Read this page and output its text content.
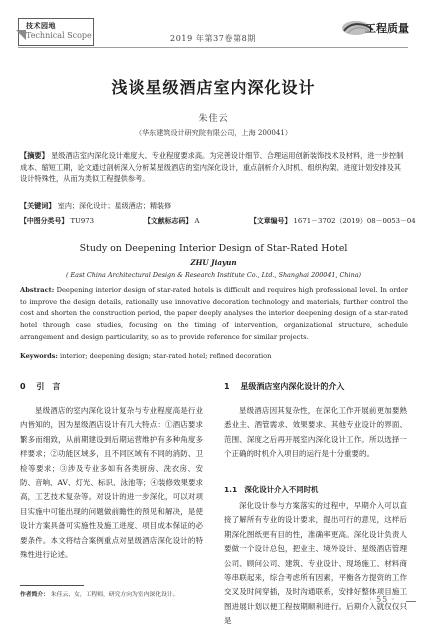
技术园地
Technical Scope	2019 年第37卷第8期
工程质量
浅谈星级酒店室内深化设计
朱佳云
（华东建筑设计研究院有限公司，上海 200041）
【摘要】 星级酒店室内深化设计难度大、专业程度要求高。为完善设计细节、合理运用创新装饰技术及材料，进一步控制成本、缩短工期，论文通过剖析深入分析某星级酒店的室内深化设计，重点剖析介入时机、组织构架、进度计划安排及其设计特殊性，从而为类似工程提供参考。
【关键词】 室内；深化设计；星级酒店；精装修
【中图分类号】 TU973	【文献标志码】 A	【文章编号】 1671－3702（2019）08－0053－04
Study on Deepening Interior Design of Star-Rated Hotel
ZHU Jiayun
( East China Architectural Design & Research Institute Co., Ltd., Shanghai 200041, China)
Abstract: Deepening interior design of star-rated hotels is difficult and requires high professional level. In order to improve the design details, rationally use innovative decoration technology and materials, further control the cost and shorten the construction period, the paper deeply analyses the interior deepening design of a star-rated hotel through case studies, focusing on the timing of intervention, organizational structure, schedule arrangement and design particularity, so as to provide reference for similar projects.
Keywords: interior; deepening design; star-rated hotel; refined decoration
0 引　言
星级酒店的室内深化设计复杂与专业程度高是行业内皆知的，因为星级酒店设计有几大特点：①酒店要求繁多而细致，从前期建设到后期运营维护有多种角度多样要求；②功能区域多，且不同区域有不同的消防、卫检等要求；③涉及专业多如有各类厨房、洗衣房、安防、音响、AV、灯光、标识、泳池等；④装修效果要求高，工艺技术复杂等。对设计的进一步深化，可以对项目实施中可能出现的问题做前瞻性的预见和解决，是使设计方案具备可实施性及施工进度、项目成本保证的必要条件。本文将结合案例重点对星级酒店深化设计的特殊性进行论述。
1 星级酒店室内深化设计的介入
星级酒店因其复杂性，在深化工作开展前更加要熟悉业主、酒管需求、效果要求、其他专业设计的界面、范围、深度之后再开展室内深化设计工作。所以选择一个正确的时机介入项目的运行是十分重要的。
1.1　深化设计介入不同时机
深化设计参与方案落实的过程中，早期介入可以直接了解所有专业的设计要求，提出可行的意见，这样后期深化图纸更有目的性，准确率更高。深化设计负责人要做一个设计总包，把业主、境外设计、星级酒店管理公司、顾问公司、建筑、专业设计、现场施工、材料商等串联起来，综合考虑所有因素，平衡各方提资的工作交叉及时间穿插，及时沟通联系，安排好整体项目施工图进展计划以便工程按期顺利进行。后期介入就仅仅只是
作者简介： 朱佳云，女，工程师，研究方向为室内深化设计。	· 55 ·
